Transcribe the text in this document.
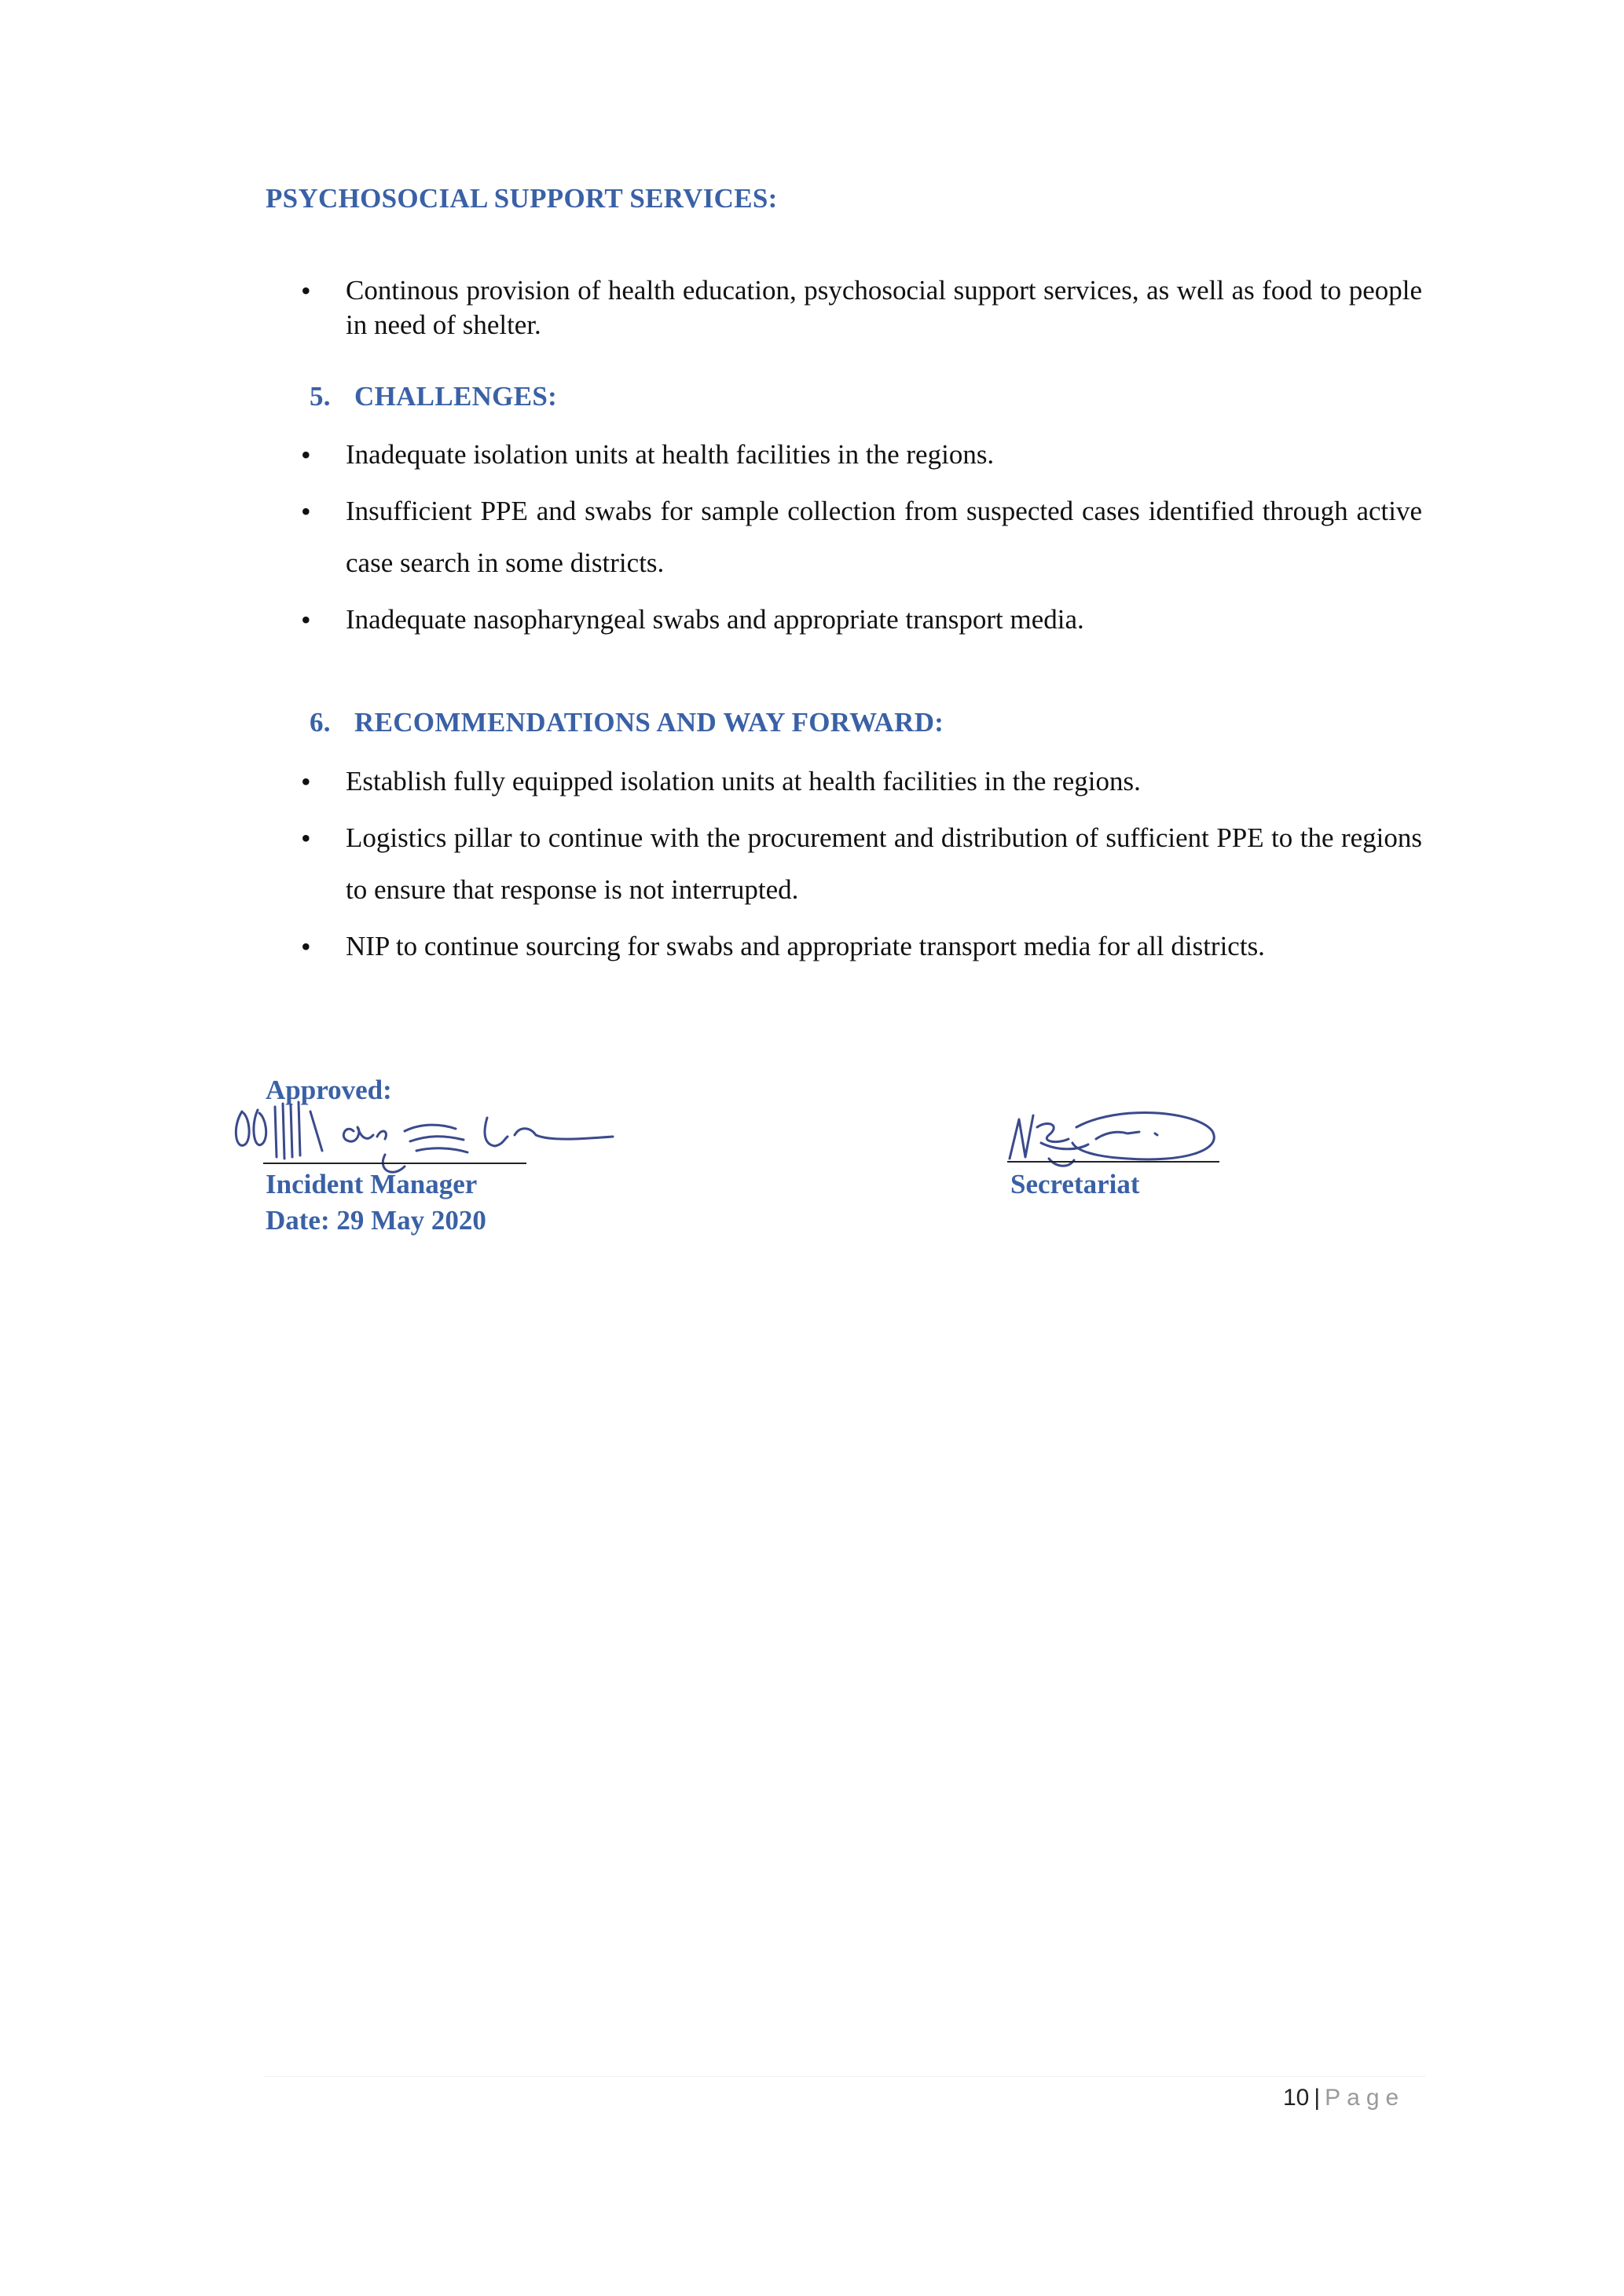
PSYCHOSOCIAL SUPPORT SERVICES:
• Continous provision of health education, psychosocial support services, as well as food to people in need of shelter.
5. CHALLENGES:
• Inadequate isolation units at health facilities in the regions.
• Insufficient PPE and swabs for sample collection from suspected cases identified through active case search in some districts.
• Inadequate nasopharyngeal swabs and appropriate transport media.
6. RECOMMENDATIONS AND WAY FORWARD:
• Establish fully equipped isolation units at health facilities in the regions.
• Logistics pillar to continue with the procurement and distribution of sufficient PPE to the regions to ensure that response is not interrupted.
• NIP to continue sourcing for swabs and appropriate transport media for all districts.

Approved:

Incident Manager

Date: 29 May 2020

Secretariat

10 | Page
